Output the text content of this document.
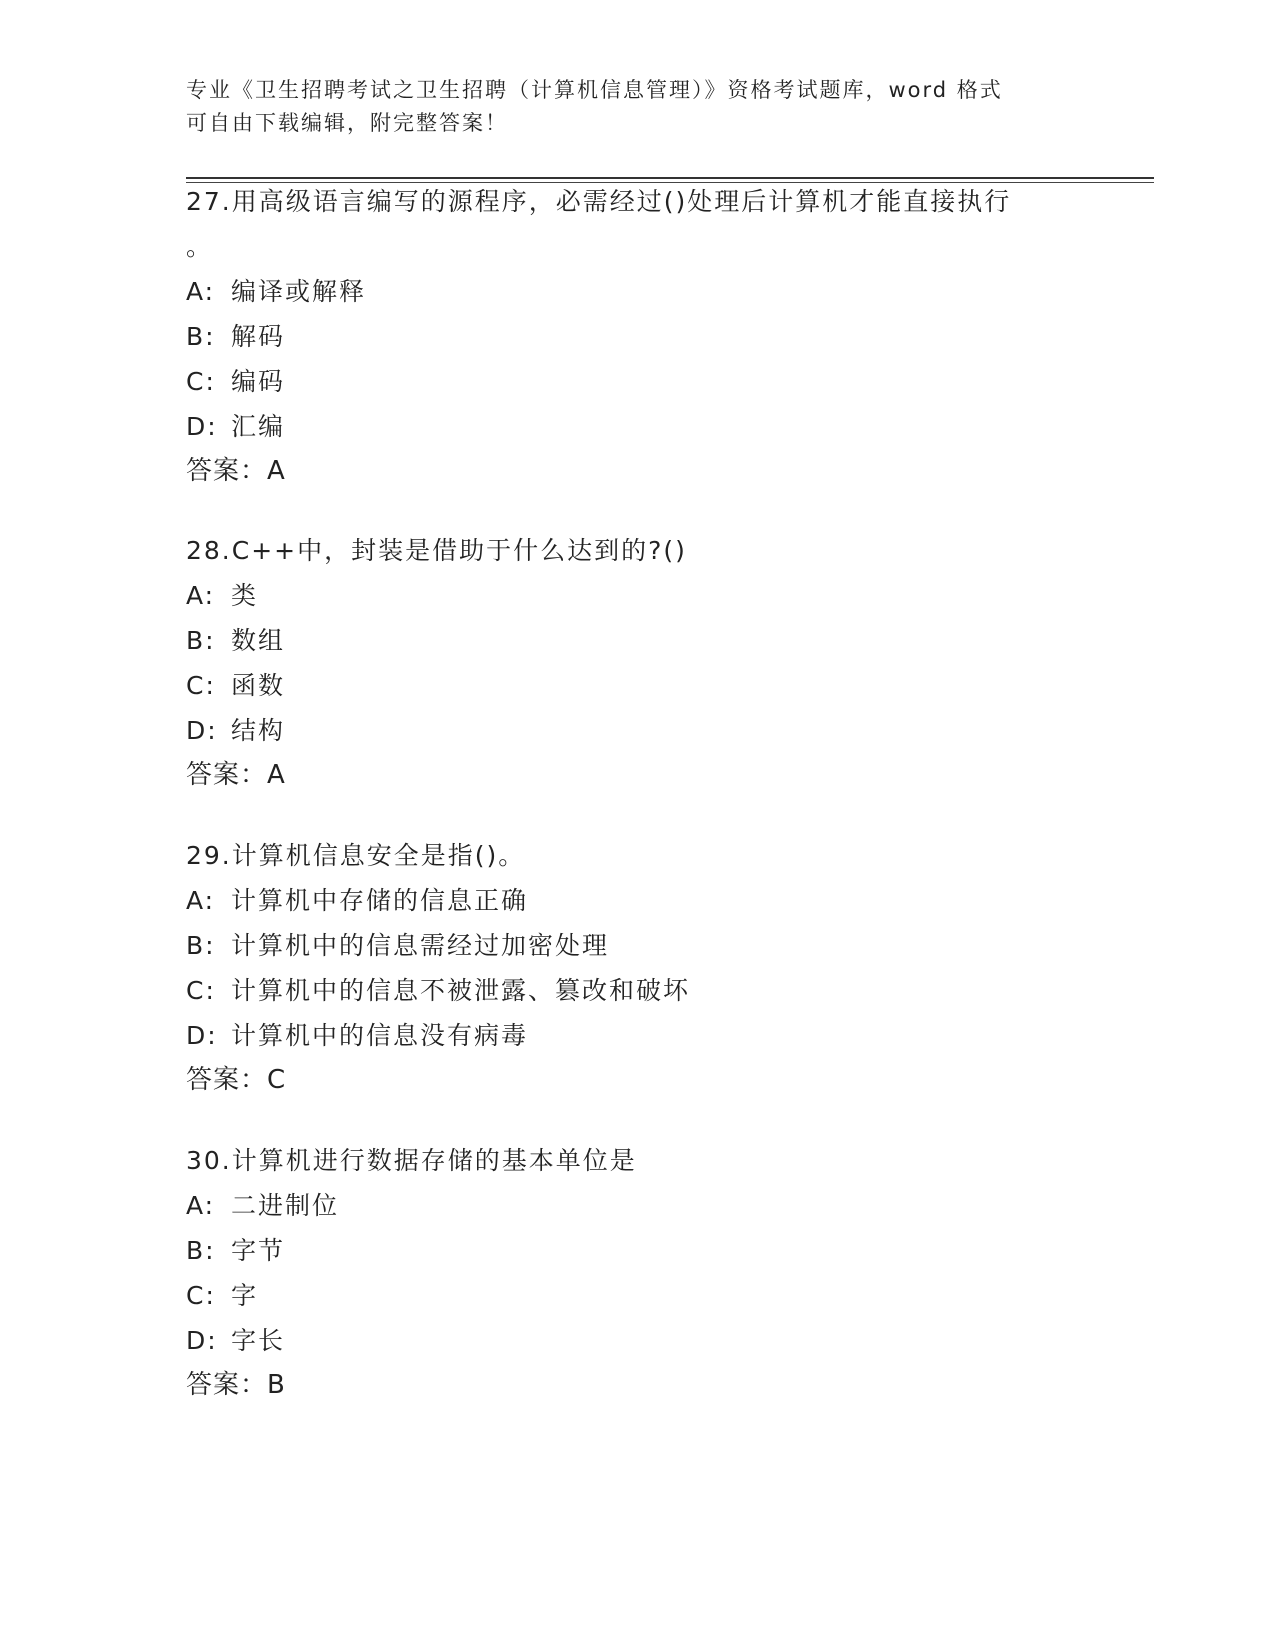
专业《卫生招聘考试之卫生招聘（计算机信息管理）》资格考试题库，word 格式
可自由下载编辑，附完整答案！
27.用高级语言编写的源程序，必需经过()处理后计算机才能直接执行
。
A: 编译或解释
B: 解码
C: 编码
D: 汇编
答案：A
28.C++中，封装是借助于什么达到的?()
A: 类
B: 数组
C: 函数
D: 结构
答案：A
29.计算机信息安全是指()。
A: 计算机中存储的信息正确
B: 计算机中的信息需经过加密处理
C: 计算机中的信息不被泄露、篡改和破坏
D: 计算机中的信息没有病毒
答案：C
30.计算机进行数据存储的基本单位是
A: 二进制位
B: 字节
C: 字
D: 字长
答案：B
